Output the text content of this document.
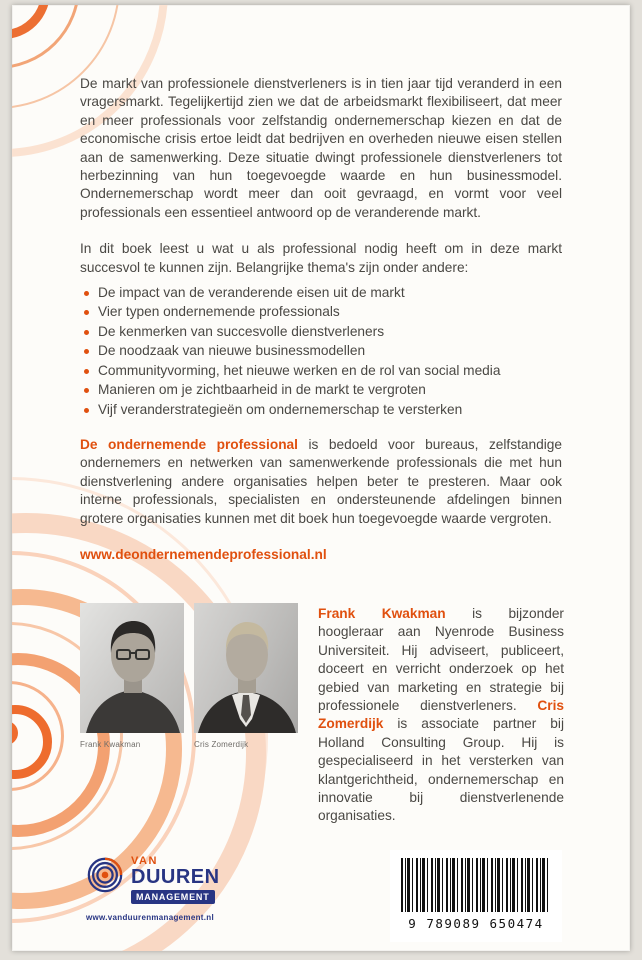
De markt van professionele dienstverleners is in tien jaar tijd veranderd in een vragersmarkt. Tegelijkertijd zien we dat de arbeidsmarkt flexibiliseert, dat meer en meer professionals voor zelfstandig ondernemerschap kiezen en dat de economische crisis ertoe leidt dat bedrijven en overheden nieuwe eisen stellen aan de samenwerking. Deze situatie dwingt professionele dienstverleners tot herbezinning van hun toegevoegde waarde en hun businessmodel. Ondernemerschap wordt meer dan ooit gevraagd, en vormt voor veel professionals een essentieel antwoord op de veranderende markt.

In dit boek leest u wat u als professional nodig heeft om in deze markt succesvol te kunnen zijn. Belangrijke thema's zijn onder andere:

De impact van de veranderende eisen uit de markt
Vier typen ondernemende professionals
De kenmerken van succesvolle dienstverleners
De noodzaak van nieuwe businessmodellen
Communityvorming, het nieuwe werken en de rol van social media
Manieren om je zichtbaarheid in de markt te vergroten
Vijf veranderstrategieën om ondernemerschap te versterken

De ondernemende professional is bedoeld voor bureaus, zelfstandige ondernemers en netwerken van samenwerkende professionals die met hun dienstverlening andere organisaties helpen beter te presteren. Maar ook interne professionals, specialisten en ondersteunende afdelingen binnen grotere organisaties kunnen met dit boek hun toegevoegde waarde vergroten.

www.deondernemendeprofessional.nl
Frank Kwakman	Cris Zomerdijk
Frank Kwakman is bijzonder hoogleraar aan Nyenrode Business Universiteit. Hij adviseert, publiceert, doceert en verricht onderzoek op het gebied van marketing en strategie bij professionele dienstverleners. Cris Zomerdijk is associate partner bij Holland Consulting Group. Hij is gespecialiseerd in het versterken van klantgerichtheid, ondernemerschap en innovatie bij dienstverlenende organisaties.
VAN
DUUREN
MANAGEMENT
www.vanduurenmanagement.nl	9 789089 650474
